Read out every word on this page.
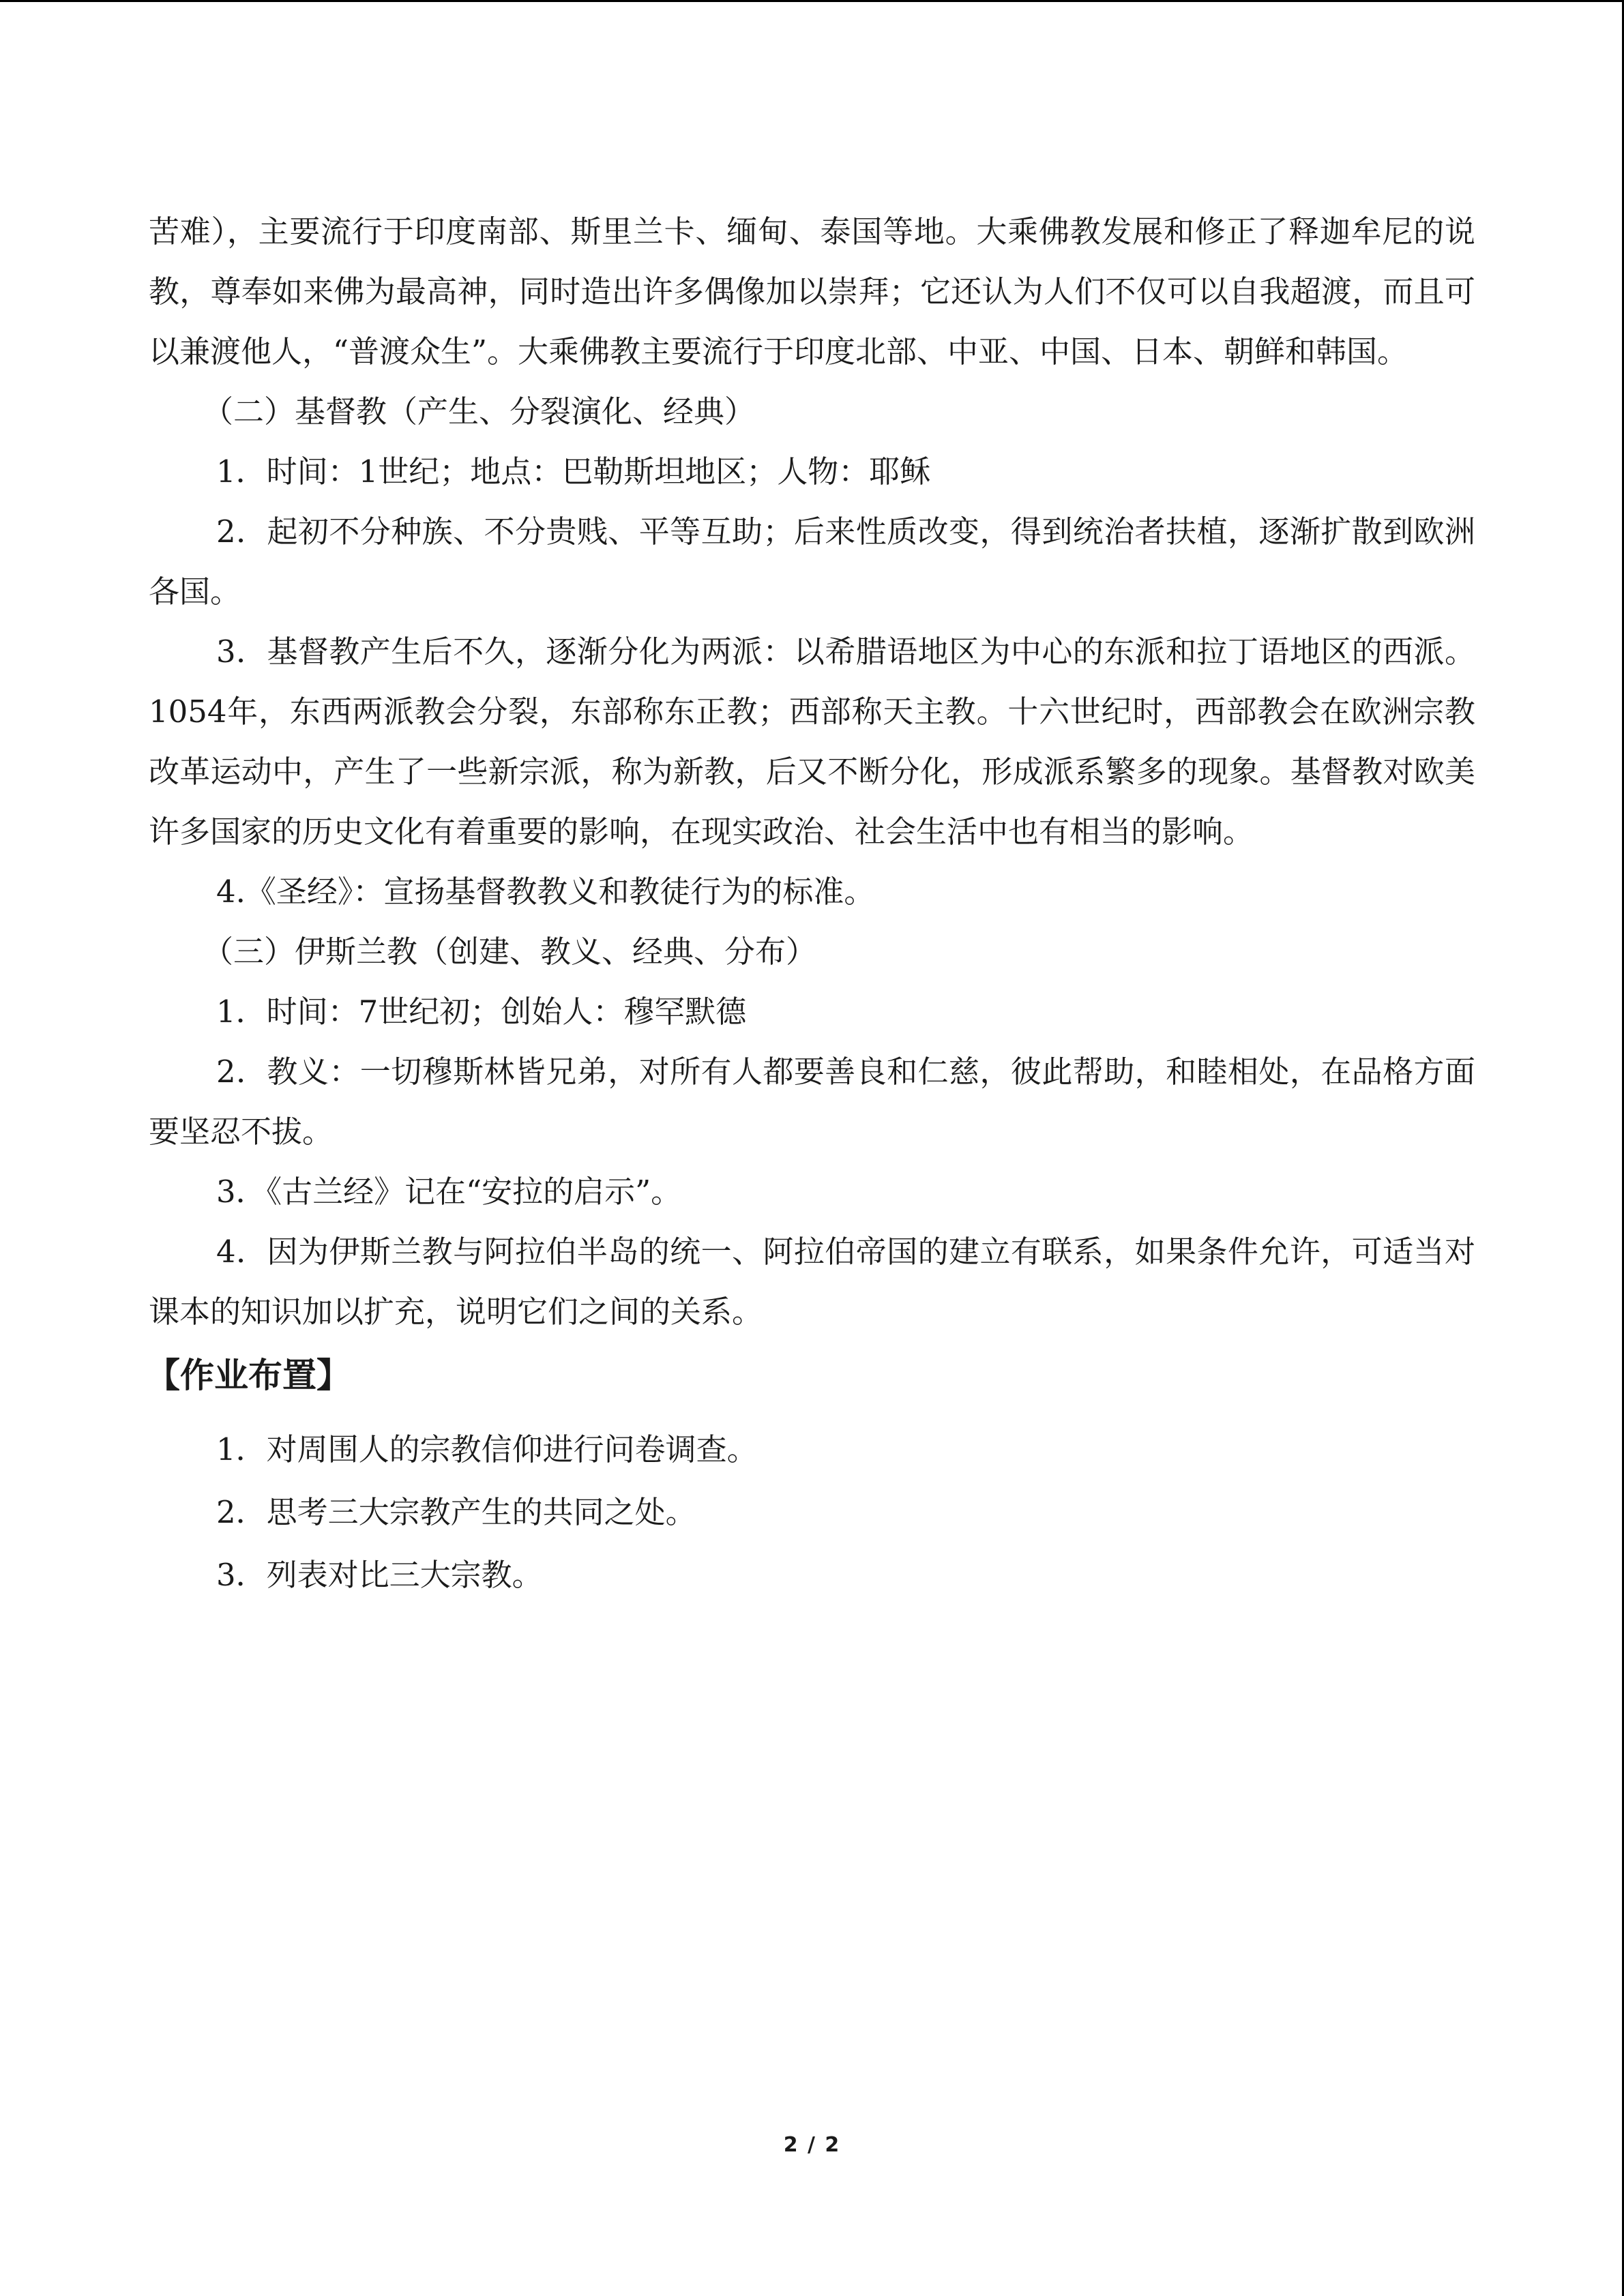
苦难），主要流行于印度南部、斯里兰卡、缅甸、泰国等地。大乘佛教发展和修正了释迦牟尼的说教，尊奉如来佛为最高神，同时造出许多偶像加以崇拜；它还认为人们不仅可以自我超渡，而且可以兼渡他人，“普渡众生”。大乘佛教主要流行于印度北部、中亚、中国、日本、朝鲜和韩国。

（二）基督教（产生、分裂演化、经典）

1．时间：1世纪；地点：巴勒斯坦地区；人物：耶稣

2．起初不分种族、不分贵贱、平等互助；后来性质改变，得到统治者扶植，逐渐扩散到欧洲各国。

3．基督教产生后不久，逐渐分化为两派：以希腊语地区为中心的东派和拉丁语地区的西派。1054年，东西两派教会分裂，东部称东正教；西部称天主教。十六世纪时，西部教会在欧洲宗教改革运动中，产生了一些新宗派，称为新教，后又不断分化，形成派系繁多的现象。基督教对欧美许多国家的历史文化有着重要的影响，在现实政治、社会生活中也有相当的影响。

4.《圣经》：宣扬基督教教义和教徒行为的标准。

（三）伊斯兰教（创建、教义、经典、分布）

1．时间：7世纪初；创始人：穆罕默德

2．教义：一切穆斯林皆兄弟，对所有人都要善良和仁慈，彼此帮助，和睦相处，在品格方面要坚忍不拔。

3．《古兰经》记在“安拉的启示”。

4．因为伊斯兰教与阿拉伯半岛的统一、阿拉伯帝国的建立有联系，如果条件允许，可适当对课本的知识加以扩充，说明它们之间的关系。

【作业布置】

1．对周围人的宗教信仰进行问卷调查。

2．思考三大宗教产生的共同之处。

3．列表对比三大宗教。

2 / 2
